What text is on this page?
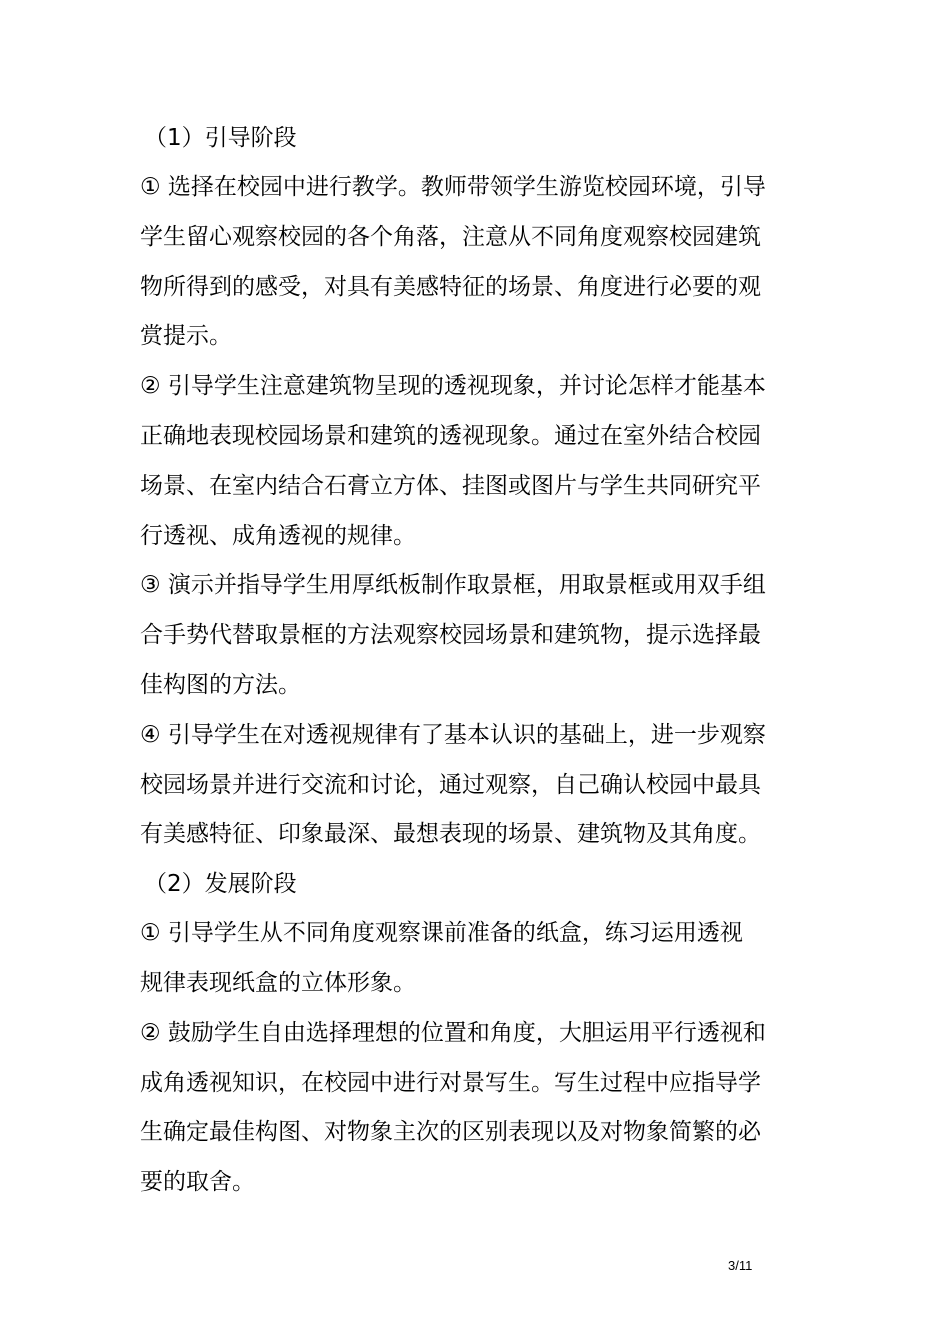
（1）引导阶段
① 选择在校园中进行教学。教师带领学生游览校园环境，引导
学生留心观察校园的各个角落，注意从不同角度观察校园建筑
物所得到的感受，对具有美感特征的场景、角度进行必要的观
赏提示。
② 引导学生注意建筑物呈现的透视现象，并讨论怎样才能基本
正确地表现校园场景和建筑的透视现象。通过在室外结合校园
场景、在室内结合石膏立方体、挂图或图片与学生共同研究平
行透视、成角透视的规律。
③ 演示并指导学生用厚纸板制作取景框，用取景框或用双手组
合手势代替取景框的方法观察校园场景和建筑物，提示选择最
佳构图的方法。
④ 引导学生在对透视规律有了基本认识的基础上，进一步观察
校园场景并进行交流和讨论，通过观察，自己确认校园中最具
有美感特征、印象最深、最想表现的场景、建筑物及其角度。
（2）发展阶段
① 引导学生从不同角度观察课前准备的纸盒，练习运用透视
规律表现纸盒的立体形象。
② 鼓励学生自由选择理想的位置和角度，大胆运用平行透视和
成角透视知识，在校园中进行对景写生。写生过程中应指导学
生确定最佳构图、对物象主次的区别表现以及对物象简繁的必
要的取舍。
3/11
